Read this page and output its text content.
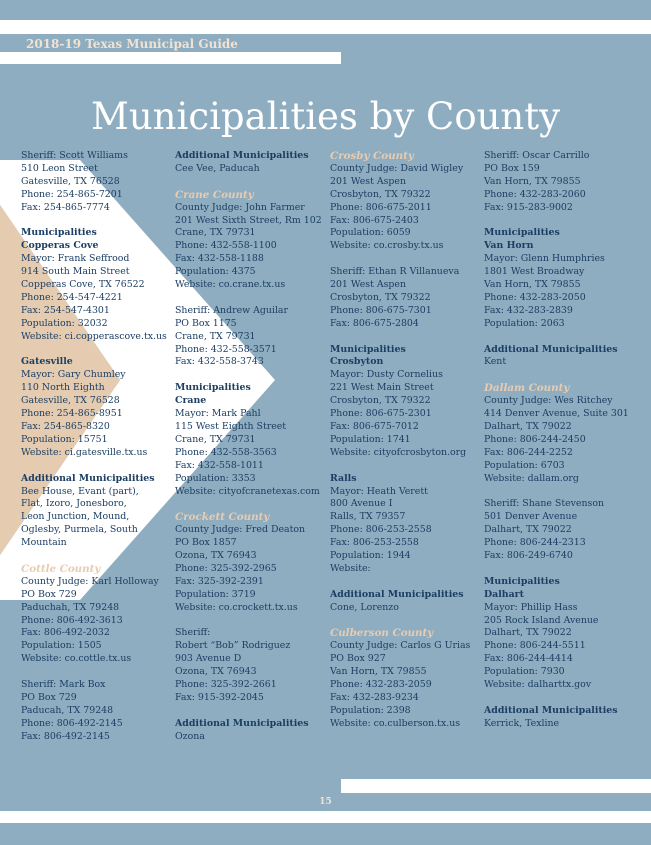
2018-19 Texas Municipal Guide
Municipalities by County
Sheriff: Scott Williams
510 Leon Street
Gatesville, TX 76528
Phone: 254-865-7201
Fax: 254-865-7774
Municipalities
Copperas Cove
Mayor: Frank Seffrood
914 South Main Street
Copperas Cove, TX 76522
Phone: 254-547-4221
Fax: 254-547-4301
Population: 32032
Website: ci.copperascove.tx.us
Gatesville
Mayor: Gary Chumley
110 North Eighth
Gatesville, TX 76528
Phone: 254-865-8951
Fax: 254-865-8320
Population: 15751
Website: ci.gatesville.tx.us
Additional Municipalities
Bee House, Evant (part),
Flat, Izoro, Jonesboro,
Leon Junction, Mound,
Oglesby, Purmela, South
Mountain
Cottle County
County Judge: Karl Holloway
PO Box 729
Paduchah, TX 79248
Phone: 806-492-3613
Fax: 806-492-2032
Population: 1505
Website: co.cottle.tx.us
Sheriff: Mark Box
PO Box 729
Paducah, TX 79248
Phone: 806-492-2145
Fax: 806-492-2145
Additional Municipalities
Cee Vee, Paducah
Crane County
County Judge: John Farmer
201 West Sixth Street, Rm 102
Crane, TX 79731
Phone: 432-558-1100
Fax: 432-558-1188
Population: 4375
Website: co.crane.tx.us
Sheriff: Andrew Aguilar
PO Box 1175
Crane, TX 79731
Phone: 432-558-3571
Fax: 432-558-3743
Municipalities
Crane
Mayor: Mark Pahl
115 West Eighth Street
Crane, TX 79731
Phone: 432-558-3563
Fax: 432-558-1011
Population: 3353
Website: cityofcranetexas.com
Crockett County
County Judge: Fred Deaton
PO Box 1857
Ozona, TX 76943
Phone: 325-392-2965
Fax: 325-392-2391
Population: 3719
Website: co.crockett.tx.us
Sheriff:
Robert “Bob” Rodriguez
903 Avenue D
Ozona, TX 76943
Phone: 325-392-2661
Fax: 915-392-2045
Additional Municipalities
Ozona
Crosby County
County Judge: David Wigley
201 West Aspen
Crosbyton, TX 79322
Phone: 806-675-2011
Fax: 806-675-2403
Population: 6059
Website: co.crosby.tx.us
Sheriff: Ethan R Villanueva
201 West Aspen
Crosbyton, TX 79322
Phone: 806-675-7301
Fax: 806-675-2804
Municipalities
Crosbyton
Mayor: Dusty Cornelius
221 West Main Street
Crosbyton, TX 79322
Phone: 806-675-2301
Fax: 806-675-7012
Population: 1741
Website: cityofcrosbyton.org
Ralls
Mayor: Heath Verett
800 Avenue I
Ralls, TX 79357
Phone: 806-253-2558
Fax: 806-253-2558
Population: 1944
Website:
Additional Municipalities
Cone, Lorenzo
Culberson County
County Judge: Carlos G Urias
PO Box 927
Van Horn, TX 79855
Phone: 432-283-2059
Fax: 432-283-9234
Population: 2398
Website: co.culberson.tx.us
Sheriff: Oscar Carrillo
PO Box 159
Van Horn, TX 79855
Phone: 432-283-2060
Fax: 915-283-9002
Municipalities
Van Horn
Mayor: Glenn Humphries
1801 West Broadway
Van Horn, TX 79855
Phone: 432-283-2050
Fax: 432-283-2839
Population: 2063
Additional Municipalities
Kent
Dallam County
County Judge: Wes Ritchey
414 Denver Avenue, Suite 301
Dalhart, TX 79022
Phone: 806-244-2450
Fax: 806-244-2252
Population: 6703
Website: dallam.org
Sheriff: Shane Stevenson
501 Denver Avenue
Dalhart, TX 79022
Phone: 806-244-2313
Fax: 806-249-6740
Municipalities
Dalhart
Mayor: Phillip Hass
205 Rock Island Avenue
Dalhart, TX 79022
Phone: 806-244-5511
Fax: 806-244-4414
Population: 7930
Website: dalharttx.gov
Additional Municipalities
Kerrick, Texline
15
